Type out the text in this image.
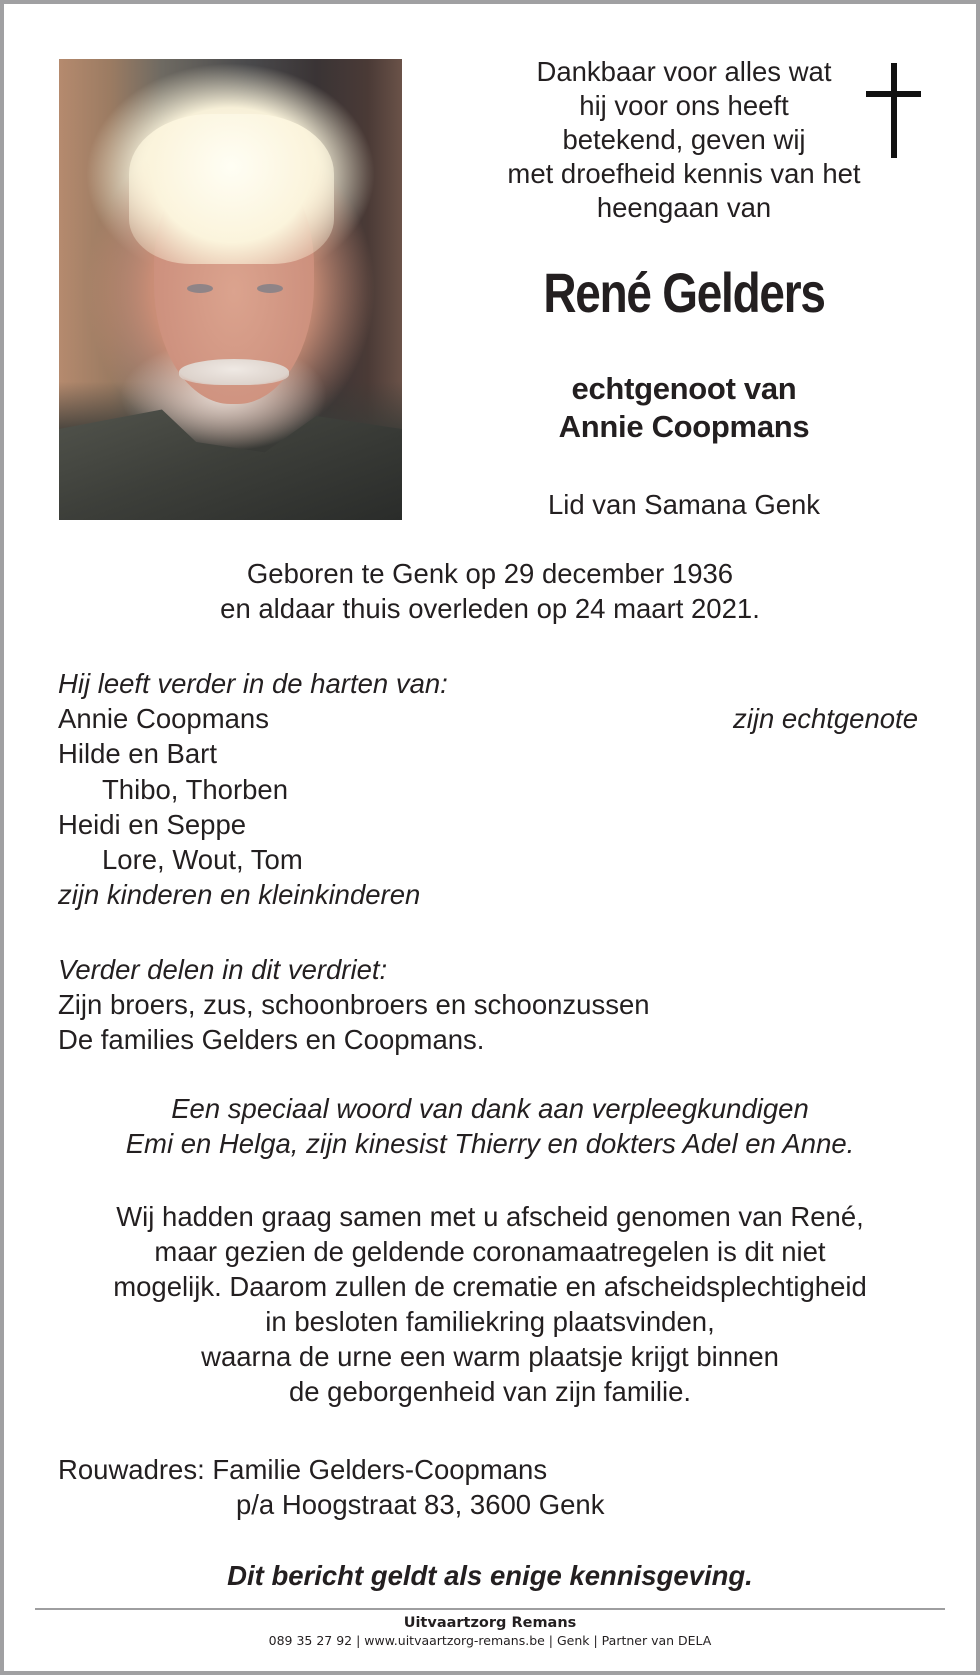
Dankbaar voor alles wat
hij voor ons heeft
betekend, geven wij
met droefheid kennis van het
heengaan van
René Gelders
echtgenoot van
Annie Coopmans
Lid van Samana Genk
Geboren te Genk op 29 december 1936
en aldaar thuis overleden op 24 maart 2021.
Hij leeft verder in de harten van:
Annie Coopmans	zijn echtgenote
Hilde en Bart
Thibo, Thorben
Heidi en Seppe
Lore, Wout, Tom
zijn kinderen en kleinkinderen
Verder delen in dit verdriet:
Zijn broers, zus, schoonbroers en schoonzussen
De families Gelders en Coopmans.
Een speciaal woord van dank aan verpleegkundigen
Emi en Helga, zijn kinesist Thierry en dokters Adel en Anne.
Wij hadden graag samen met u afscheid genomen van René,
maar gezien de geldende coronamaatregelen is dit niet
mogelijk. Daarom zullen de crematie en afscheidsplechtigheid
in besloten familiekring plaatsvinden,
waarna de urne een warm plaatsje krijgt binnen
de geborgenheid van zijn familie.
Rouwadres: Familie Gelders-Coopmans
p/a Hoogstraat 83, 3600 Genk
Dit bericht geldt als enige kennisgeving.
Uitvaartzorg Remans
089 35 27 92 | www.uitvaartzorg-remans.be | Genk | Partner van DELA
